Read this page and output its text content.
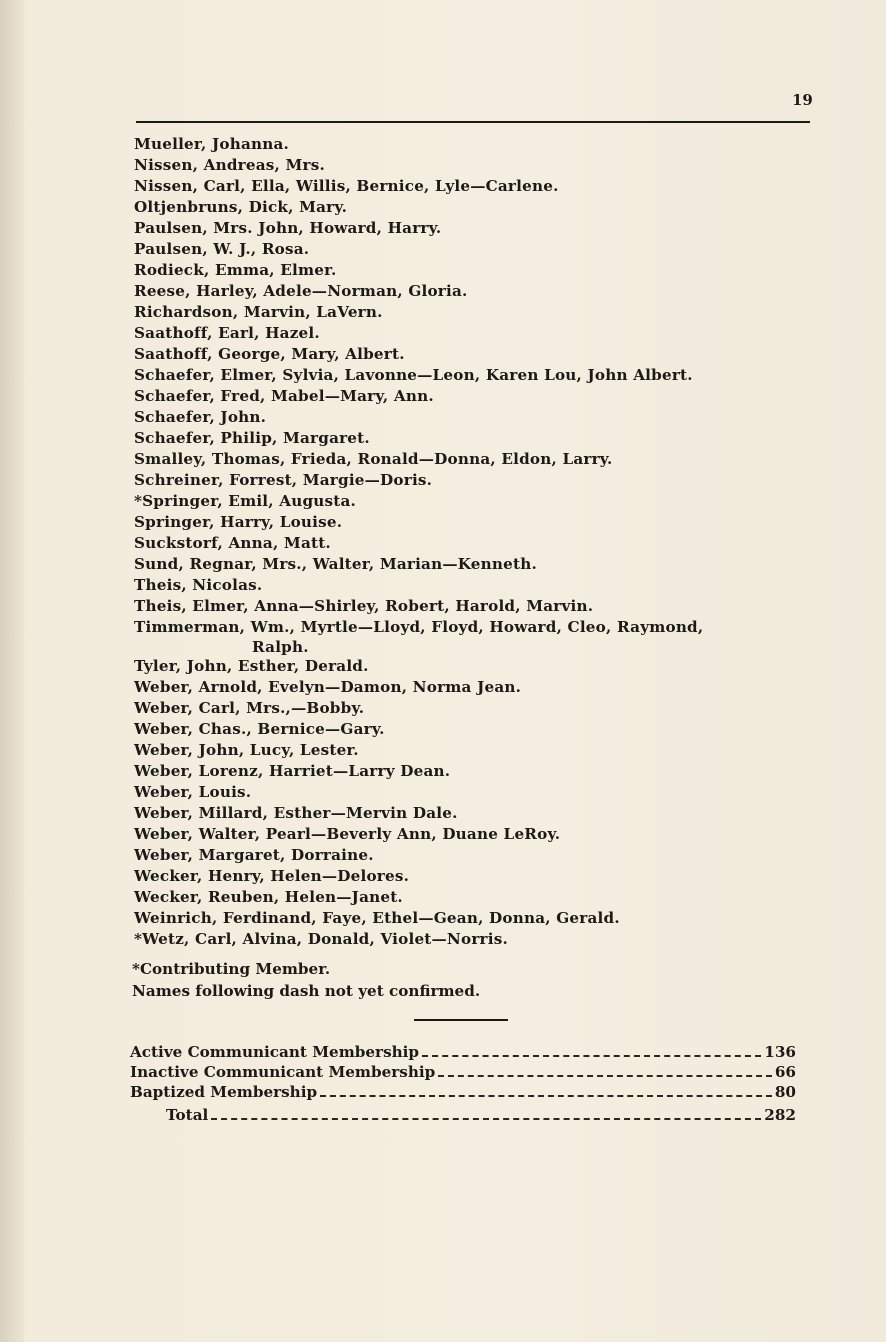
19
Mueller, Johanna.
Nissen, Andreas, Mrs.
Nissen, Carl, Ella, Willis, Bernice, Lyle—Carlene.
Oltjenbruns, Dick, Mary.
Paulsen, Mrs. John, Howard, Harry.
Paulsen, W. J., Rosa.
Rodieck, Emma, Elmer.
Reese, Harley, Adele—Norman, Gloria.
Richardson, Marvin, LaVern.
Saathoff, Earl, Hazel.
Saathoff, George, Mary, Albert.
Schaefer, Elmer, Sylvia, Lavonne—Leon, Karen Lou, John Albert.
Schaefer, Fred, Mabel—Mary, Ann.
Schaefer, John.
Schaefer, Philip, Margaret.
Smalley, Thomas, Frieda, Ronald—Donna, Eldon, Larry.
Schreiner, Forrest, Margie—Doris.
*Springer, Emil, Augusta.
Springer, Harry, Louise.
Suckstorf, Anna, Matt.
Sund, Regnar, Mrs., Walter, Marian—Kenneth.
Theis, Nicolas.
Theis, Elmer, Anna—Shirley, Robert, Harold, Marvin.
Timmerman, Wm., Myrtle—Lloyd, Floyd, Howard, Cleo, Raymond,
Ralph.
Tyler, John, Esther, Derald.
Weber, Arnold, Evelyn—Damon, Norma Jean.
Weber, Carl, Mrs.,—Bobby.
Weber, Chas., Bernice—Gary.
Weber, John, Lucy, Lester.
Weber, Lorenz, Harriet—Larry Dean.
Weber, Louis.
Weber, Millard, Esther—Mervin Dale.
Weber, Walter, Pearl—Beverly Ann, Duane LeRoy.
Weber, Margaret, Dorraine.
Wecker, Henry, Helen—Delores.
Wecker, Reuben, Helen—Janet.
Weinrich, Ferdinand, Faye, Ethel—Gean, Donna, Gerald.
*Wetz, Carl, Alvina, Donald, Violet—Norris.
*Contributing Member.
Names following dash not yet confirmed.
Active Communicant Membership	136
Inactive Communicant Membership	66
Baptized Membership	80
Total	282
